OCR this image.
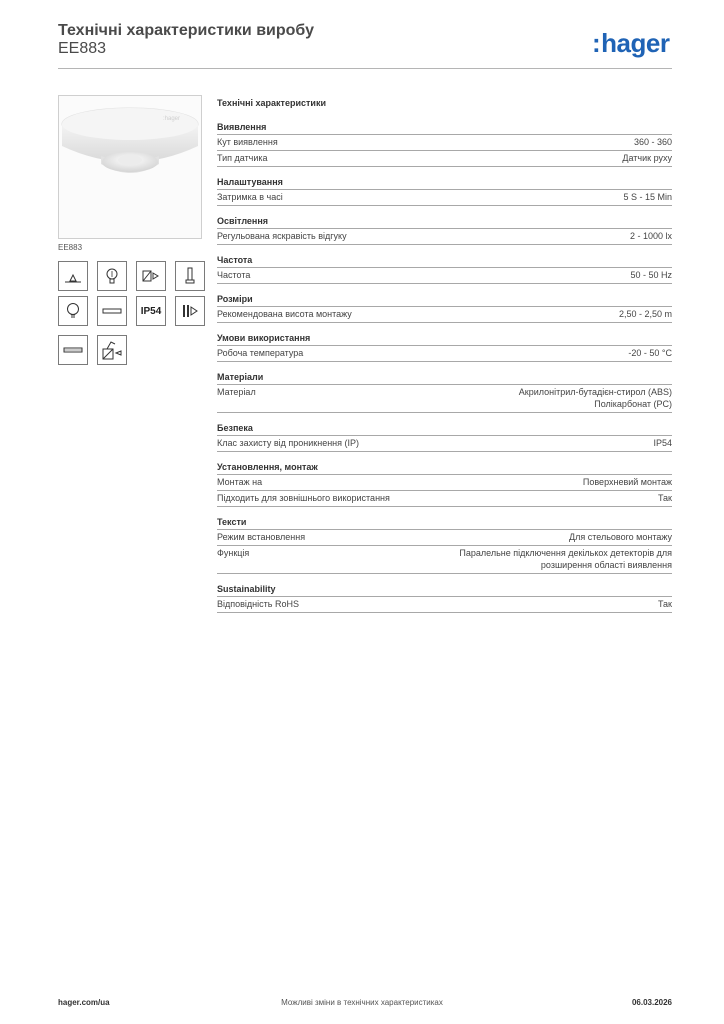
Технічні характеристики виробу
EE883	:hager
:hager
EE883
IP54
Технічні характеристики
Виявлення
Кут виявлення	360 - 360
Тип датчика	Датчик руху
Налаштування
Затримка в часі	5 S - 15 Min
Освітлення
Регульована яскравість відгуку	2 - 1000 lx
Частота
Частота	50 - 50 Hz
Розміри
Рекомендована висота монтажу	2,50 - 2,50 m
Умови використання
Робоча температура	-20 - 50 °C
Матеріали
Матеріал	Акрилонітрил-бутадієн-стирол (ABS)
Полікарбонат (PC)
Безпека
Клас захисту від проникнення (IP)	IP54
Установлення, монтаж
Монтаж на	Поверхневий монтаж
Підходить для зовнішнього використання	Так
Тексти
Режим встановлення	Для стельового монтажу
Функція	Паралельне підключення декількох детекторів для
розширення області виявлення
Sustainability
Відповідність RoHS	Так
Можливі зміни в технічних характеристиках
hager.com/ua	06.03.2026
